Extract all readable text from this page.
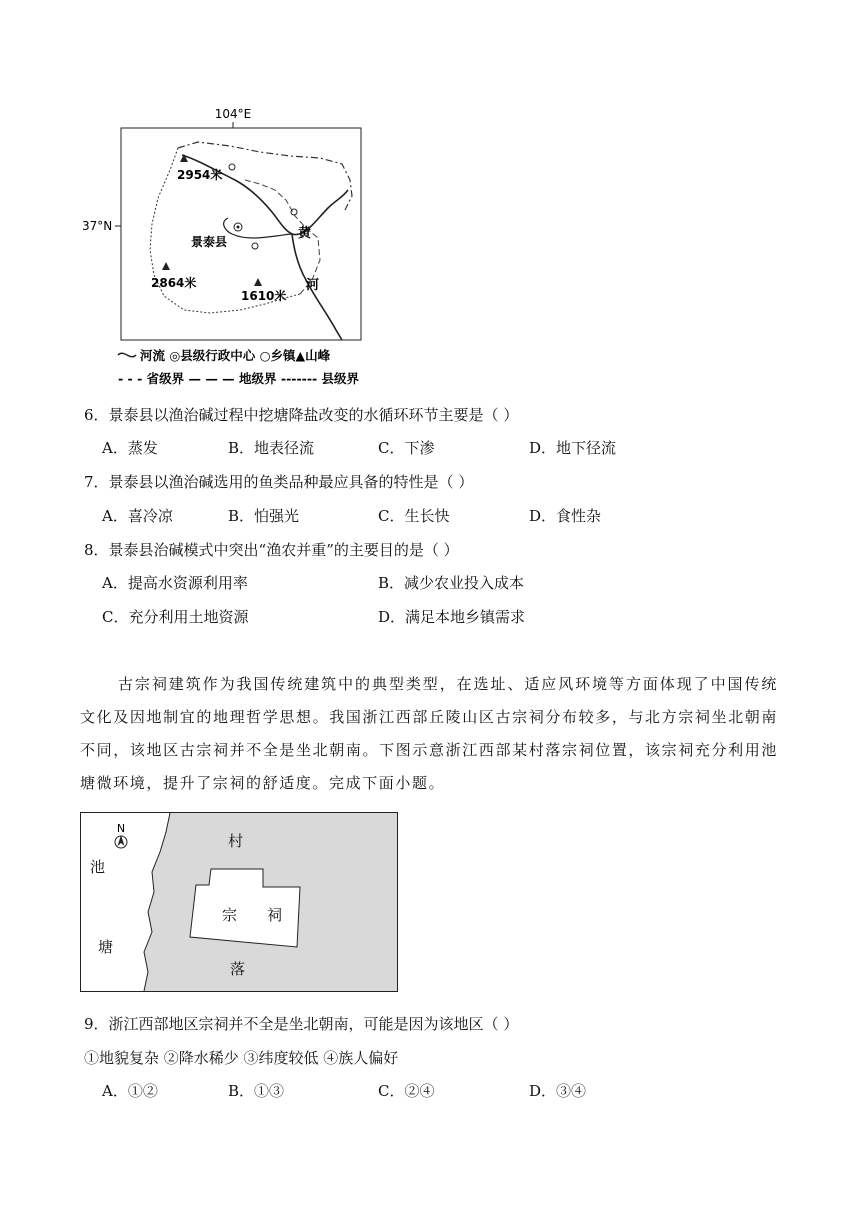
104°E
37°N
景泰县
2954米
2864米
1610米
黄
河
河流 ◎县级行政中心 ○乡镇▲山峰
- - - 省级界 — — — 地级界 ------- 县级界
6．景泰县以渔治碱过程中挖塘降盐改变的水循环环节主要是（ ）
A．蒸发	B．地表径流	C．下渗	D．地下径流
7．景泰县以渔治碱选用的鱼类品种最应具备的特性是（ ）
A．喜冷凉	B．怕强光	C．生长快	D．食性杂
8．景泰县治碱模式中突出“渔农并重”的主要目的是（ ）
A．提高水资源利用率	B．减少农业投入成本
C．充分利用土地资源	D．满足本地乡镇需求
古宗祠建筑作为我国传统建筑中的典型类型，在选址、适应风环境等方面体现了中国传统文化及因地制宜的地理哲学思想。我国浙江西部丘陵山区古宗祠分布较多，与北方宗祠坐北朝南不同，该地区古宗祠并不全是坐北朝南。下图示意浙江西部某村落宗祠位置，该宗祠充分利用池塘微环境，提升了宗祠的舒适度。完成下面小题。
N
池
塘
村
落
宗 祠
9．浙江西部地区宗祠并不全是坐北朝南，可能是因为该地区（ ）
①地貌复杂 ②降水稀少 ③纬度较低 ④族人偏好
A．①②	B．①③	C．②④	D．③④
